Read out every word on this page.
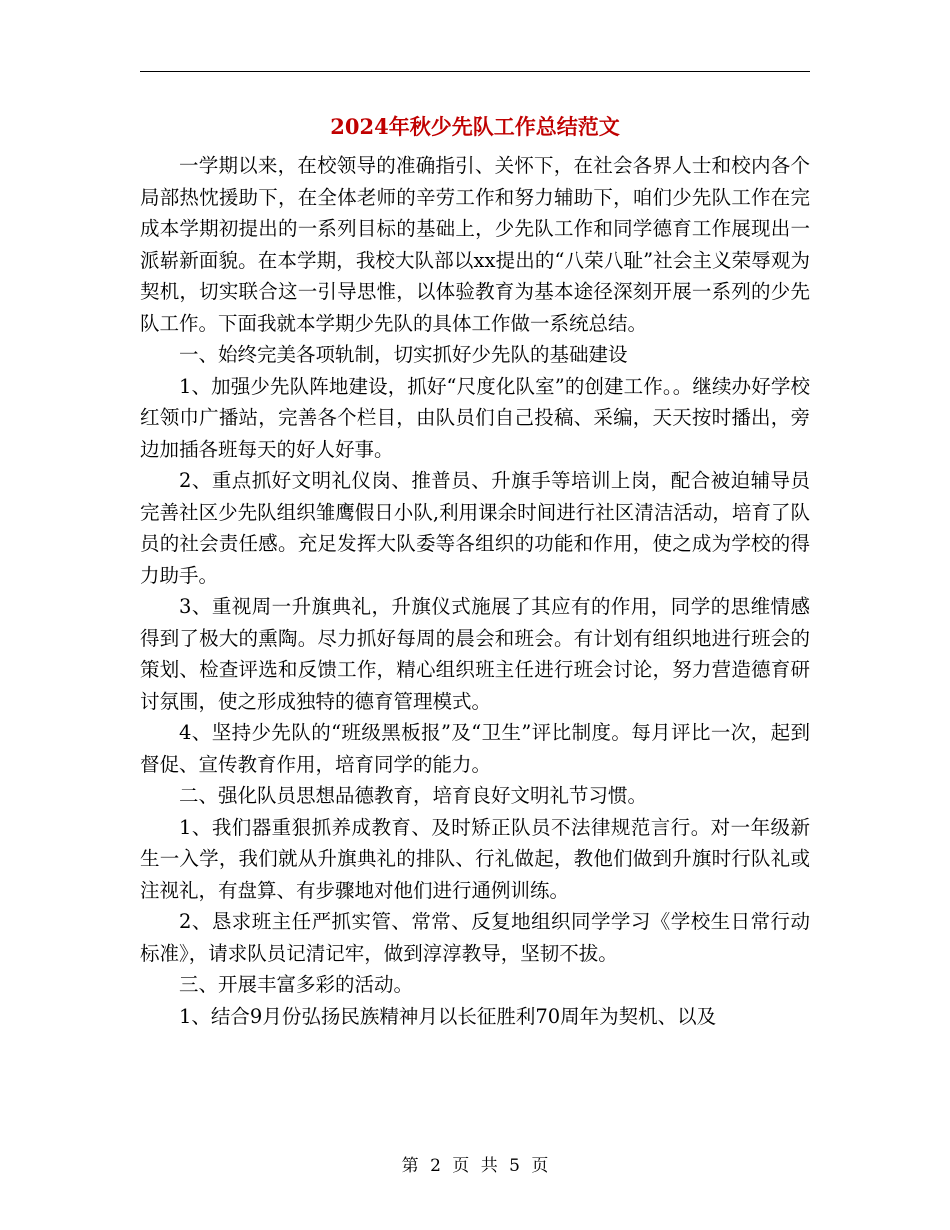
2024年秋少先队工作总结范文

一学期以来，在校领导的准确指引、关怀下，在社会各界人士和校内各个局部热忱援助下，在全体老师的辛劳工作和努力辅助下，咱们少先队工作在完成本学期初提出的一系列目标的基础上，少先队工作和同学德育工作展现出一派崭新面貌。在本学期，我校大队部以xx提出的“八荣八耻”社会主义荣辱观为契机，切实联合这一引导思惟，以体验教育为基本途径深刻开展一系列的少先队工作。下面我就本学期少先队的具体工作做一系统总结。

一、始终完美各项轨制，切实抓好少先队的基础建设

1、加强少先队阵地建设，抓好“尺度化队室”的创建工作。。继续办好学校红领巾广播站，完善各个栏目，由队员们自己投稿、采编，天天按时播出，旁边加插各班每天的好人好事。

2、重点抓好文明礼仪岗、推普员、升旗手等培训上岗，配合被迫辅导员完善社区少先队组织雏鹰假日小队,利用课余时间进行社区清洁活动，培育了队员的社会责任感。充足发挥大队委等各组织的功能和作用，使之成为学校的得力助手。

3、重视周一升旗典礼，升旗仪式施展了其应有的作用，同学的思维情感得到了极大的熏陶。尽力抓好每周的晨会和班会。有计划有组织地进行班会的策划、检查评选和反馈工作，精心组织班主任进行班会讨论，努力营造德育研讨氛围，使之形成独特的德育管理模式。

4、坚持少先队的“班级黑板报”及“卫生”评比制度。每月评比一次，起到督促、宣传教育作用，培育同学的能力。

二、强化队员思想品德教育，培育良好文明礼节习惯。

1、我们器重狠抓养成教育、及时矫正队员不法律规范言行。对一年级新生一入学，我们就从升旗典礼的排队、行礼做起，教他们做到升旗时行队礼或注视礼，有盘算、有步骤地对他们进行通例训练。

2、恳求班主任严抓实管、常常、反复地组织同学学习《学校生日常行动标准》，请求队员记清记牢，做到淳淳教导，坚韧不拔。

三、开展丰富多彩的活动。

1、结合9月份弘扬民族精神月以长征胜利70周年为契机、以及

第 2 页 共 5 页
